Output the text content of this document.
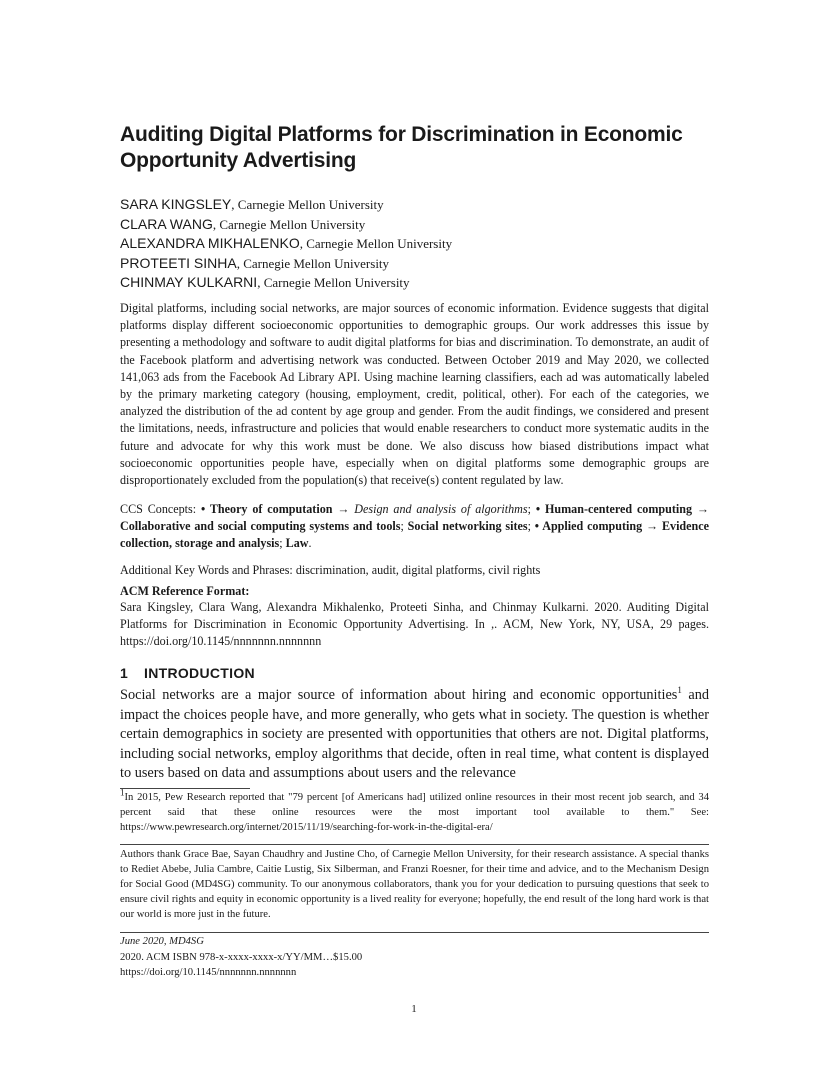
Auditing Digital Platforms for Discrimination in Economic Opportunity Advertising
SARA KINGSLEY, Carnegie Mellon University
CLARA WANG, Carnegie Mellon University
ALEXANDRA MIKHALENKO, Carnegie Mellon University
PROTEETI SINHA, Carnegie Mellon University
CHINMAY KULKARNI, Carnegie Mellon University
Digital platforms, including social networks, are major sources of economic information. Evidence suggests that digital platforms display different socioeconomic opportunities to demographic groups. Our work addresses this issue by presenting a methodology and software to audit digital platforms for bias and discrimination. To demonstrate, an audit of the Facebook platform and advertising network was conducted. Between October 2019 and May 2020, we collected 141,063 ads from the Facebook Ad Library API. Using machine learning classifiers, each ad was automatically labeled by the primary marketing category (housing, employment, credit, political, other). For each of the categories, we analyzed the distribution of the ad content by age group and gender. From the audit findings, we considered and present the limitations, needs, infrastructure and policies that would enable researchers to conduct more systematic audits in the future and advocate for why this work must be done. We also discuss how biased distributions impact what socioeconomic opportunities people have, especially when on digital platforms some demographic groups are disproportionately excluded from the population(s) that receive(s) content regulated by law.
CCS Concepts: • Theory of computation → Design and analysis of algorithms; • Human-centered computing → Collaborative and social computing systems and tools; Social networking sites; • Applied computing → Evidence collection, storage and analysis; Law.
Additional Key Words and Phrases: discrimination, audit, digital platforms, civil rights
ACM Reference Format:
Sara Kingsley, Clara Wang, Alexandra Mikhalenko, Proteeti Sinha, and Chinmay Kulkarni. 2020. Auditing Digital Platforms for Discrimination in Economic Opportunity Advertising. In ,. ACM, New York, NY, USA, 29 pages. https://doi.org/10.1145/nnnnnnn.nnnnnnn
1 INTRODUCTION
Social networks are a major source of information about hiring and economic opportunities$^1$ and impact the choices people have, and more generally, who gets what in society. The question is whether certain demographics in society are presented with opportunities that others are not. Digital platforms, including social networks, employ algorithms that decide, often in real time, what content is displayed to users based on data and assumptions about users and the relevance
$^1$In 2015, Pew Research reported that "79 percent [of Americans had] utilized online resources in their most recent job search, and 34 percent said that these online resources were the most important tool available to them." See: https://www.pewresearch.org/internet/2015/11/19/searching-for-work-in-the-digital-era/
Authors thank Grace Bae, Sayan Chaudhry and Justine Cho, of Carnegie Mellon University, for their research assistance. A special thanks to Rediet Abebe, Julia Cambre, Caitie Lustig, Six Silberman, and Franzi Roesner, for their time and advice, and to the Mechanism Design for Social Good (MD4SG) community. To our anonymous collaborators, thank you for your dedication to pursuing questions that seek to ensure civil rights and equity in economic opportunity is a lived reality for everyone; hopefully, the end result of the long hard work is that our world is more just in the future.
June 2020, MD4SG
2020. ACM ISBN 978-x-xxxx-xxxx-x/YY/MM…$15.00
https://doi.org/10.1145/nnnnnnn.nnnnnnn
1
